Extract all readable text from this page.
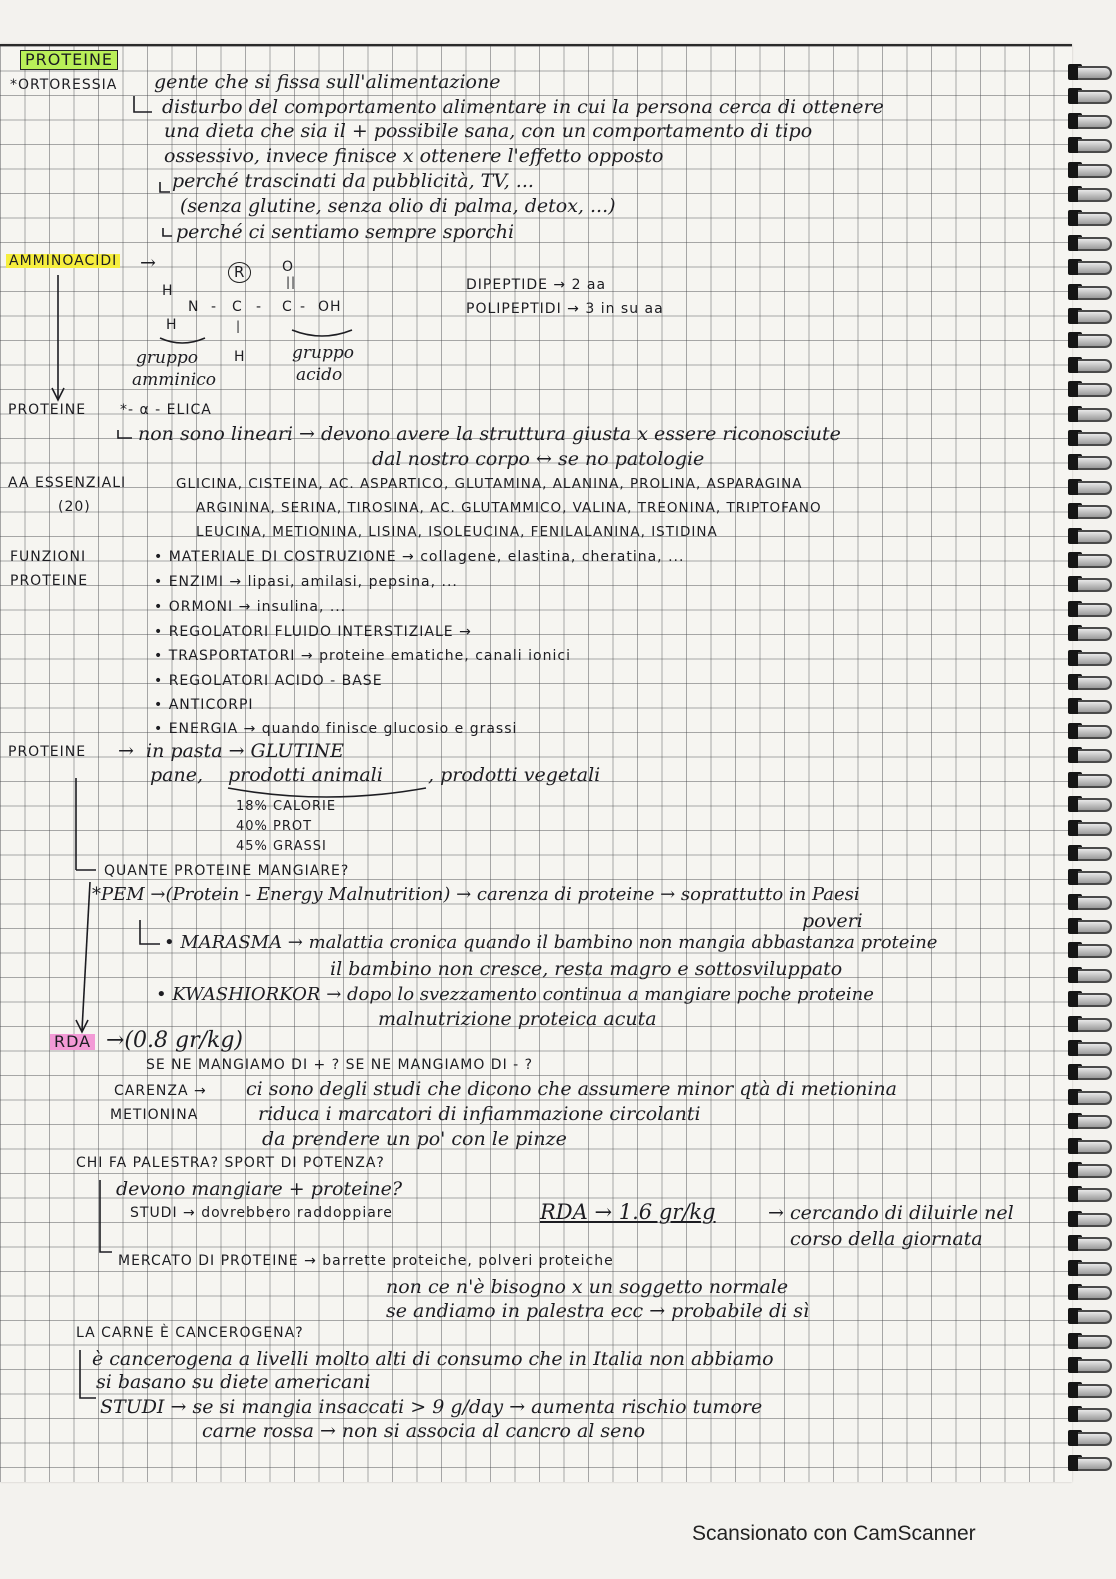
PROTEINE
*ORTORESSIA gente che si fissa sull'alimentazione
disturbo del comportamento alimentare in cui la persona cerca di ottenere
una dieta che sia il + possibile sana, con un comportamento di tipo
ossessivo, invece finisce x ottenere l'effetto opposto
perché trascinati da pubblicità, TV, ...
(senza glutine, senza olio di palma, detox, ...)
perché ci sentiamo sempre sporchi
AMMINOACIDI →	R	O
||
H
N - C - C - OH
|
H
H
gruppo
amminico
gruppo
acido
DIPEPTIDE → 2 aa
POLIPEPTIDI → 3 in su aa
PROTEINE *- α - ELICA
non sono lineari → devono avere la struttura giusta x essere riconosciute
dal nostro corpo ↔ se no patologie
AA ESSENZIALI
(20)
GLICINA, CISTEINA, AC. ASPARTICO, GLUTAMINA, ALANINA, PROLINA, ASPARAGINA
ARGININA, SERINA, TIROSINA, AC. GLUTAMMICO, VALINA, TREONINA, TRIPTOFANO
LEUCINA, METIONINA, LISINA, ISOLEUCINA, FENILALANINA, ISTIDINA
FUNZIONI
PROTEINE
• MATERIALE DI COSTRUZIONE → collagene, elastina, cheratina, ...
• ENZIMI → lipasi, amilasi, pepsina, ...
• ORMONI → insulina, ...
• REGOLATORI FLUIDO INTERSTIZIALE →
• TRASPORTATORI → proteine ematiche, canali ionici
• REGOLATORI ACIDO - BASE
• ANTICORPI
• ENERGIA → quando finisce glucosio e grassi
PROTEINE → in pasta → GLUTINE
pane, prodotti animali , prodotti vegetali
18% CALORIE
40% PROT
45% GRASSI
QUANTE PROTEINE MANGIARE?
*PEM →(Protein - Energy Malnutrition) → carenza di proteine → soprattutto in Paesi
poveri
• MARASMA → malattia cronica quando il bambino non mangia abbastanza proteine
il bambino non cresce, resta magro e sottosviluppato
• KWASHIORKOR → dopo lo svezzamento continua a mangiare poche proteine
malnutrizione proteica acuta
RDA →(0.8 gr/kg)
SE NE MANGIAMO DI + ? SE NE MANGIAMO DI - ?
CARENZA →
METIONINA
ci sono degli studi che dicono che assumere minor qtà di metionina
riduca i marcatori di infiammazione circolanti
da prendere un po' con le pinze
CHI FA PALESTRA? SPORT DI POTENZA?
devono mangiare + proteine?
STUDI → dovrebbero raddoppiare	RDA → 1.6 gr/kg	→ cercando di diluirle nel
corso della giornata
MERCATO DI PROTEINE → barrette proteiche, polveri proteiche
non ce n'è bisogno x un soggetto normale
se andiamo in palestra ecc → probabile di sì
LA CARNE È CANCEROGENA?
è cancerogena a livelli molto alti di consumo che in Italia non abbiamo
si basano su diete americani
STUDI → se si mangia insaccati > 9 g/day → aumenta rischio tumore
carne rossa → non si associa al cancro al seno
Scansionato con CamScanner
